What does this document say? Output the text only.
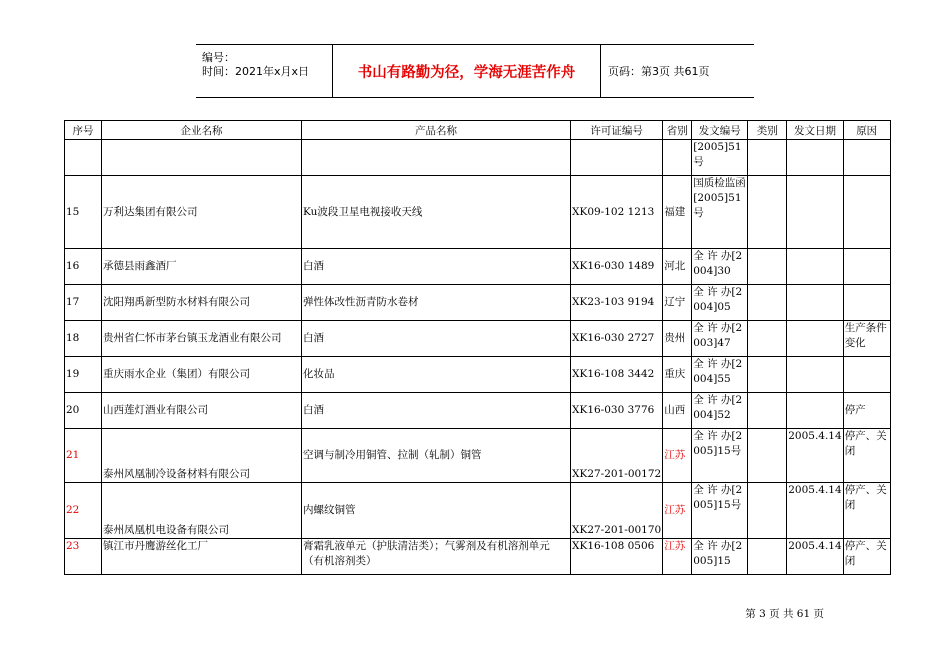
编号：
时间：2021年x月x日	书山有路勤为径，学海无涯苦作舟	页码：第3页 共61页
序号	企业名称	产品名称	许可证编号	省别	发文编号	类别	发文日期	原因
					[2005]51号			
15	万利达集团有限公司	Ku波段卫星电视接收天线	XK09-102 1213	福建	国质检监函[2005]51号			
16	承德县雨鑫酒厂	白酒	XK16-030 1489	河北	全 许 办[2004]30			
17	沈阳翔禹新型防水材料有限公司	弹性体改性沥青防水卷材	XK23-103 9194	辽宁	全 许 办[2004]05			
18	贵州省仁怀市茅台镇玉龙酒业有限公司	白酒	XK16-030 2727	贵州	全 许 办[2003]47			生产条件变化
19	重庆雨水企业（集团）有限公司	化妆品	XK16-108 3442	重庆	全 许 办[2004]55			
20	山西莲灯酒业有限公司	白酒	XK16-030 3776	山西	全 许 办[2004]52			停产
21	泰州风凰制冷设备材料有限公司	空调与制冷用铜管、拉制（轧制）铜管	XK27-201-00172	江苏	全 许 办[2005]15号		2005.4.14	停产、关闭
22	泰州凤凰机电设备有限公司	内螺纹铜管	XK27-201-00170	江苏	全 许 办[2005]15号		2005.4.14	停产、关闭
23	镇江市丹鹰游丝化工厂	膏霜乳液单元（护肤清洁类）；气雾剂及有机溶剂单元（有机溶剂类）	XK16-108 0506	江苏	全 许 办[2005]15		2005.4.14	停产、关闭
第 3 页 共 61 页
